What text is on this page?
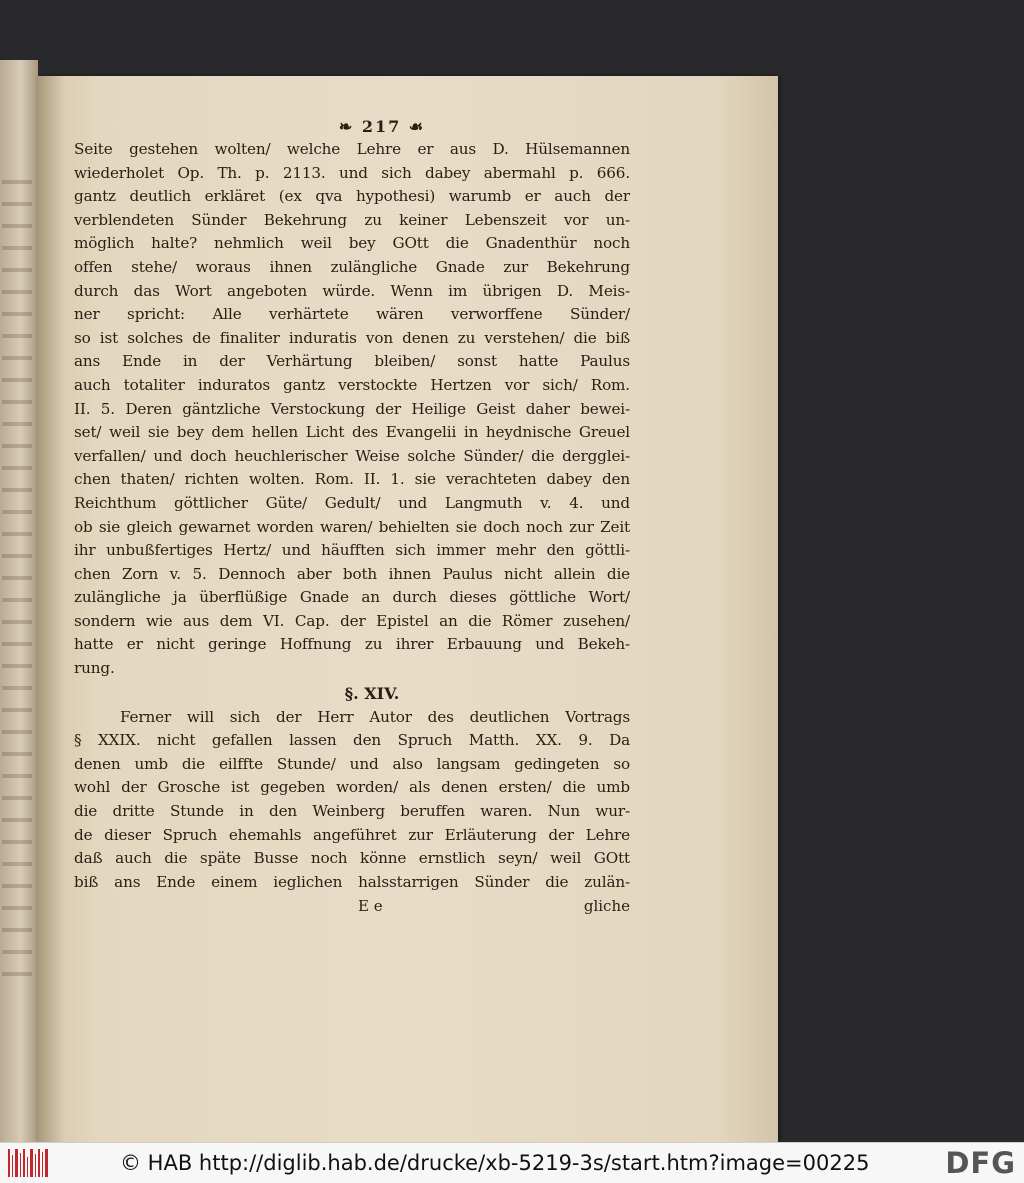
❧ 217 ☙
Seite gestehen wolten/ welche Lehre er aus D. Hülsemannen
wiederholet Op. Th. p. 2113. und sich dabey abermahl p. 666.
gantz deutlich erkläret (ex qva hypothesi) warumb er auch der
verblendeten Sünder Bekehrung zu keiner Lebenszeit vor un-
möglich halte? nehmlich weil bey GOtt die Gnadenthür noch
offen stehe/ woraus ihnen zulängliche Gnade zur Bekehrung
durch das Wort angeboten würde. Wenn im übrigen D. Meis-
ner spricht: Alle verhärtete wären verworffene Sünder/
so ist solches de finaliter induratis von denen zu verstehen/ die biß
ans Ende in der Verhärtung bleiben/ sonst hatte Paulus
auch totaliter induratos gantz verstockte Hertzen vor sich/ Rom.
II. 5. Deren gäntzliche Verstockung der Heilige Geist daher bewei-
set/ weil sie bey dem hellen Licht des Evangelii in heydnische Greuel
verfallen/ und doch heuchlerischer Weise solche Sünder/ die dergglei-
chen thaten/ richten wolten. Rom. II. 1. sie verachteten dabey den
Reichthum göttlicher Güte/ Gedult/ und Langmuth v. 4. und
ob sie gleich gewarnet worden waren/ behielten sie doch noch zur Zeit
ihr unbußfertiges Hertz/ und häufften sich immer mehr den göttli-
chen Zorn v. 5. Dennoch aber both ihnen Paulus nicht allein die
zulängliche ja überflüßige Gnade an durch dieses göttliche Wort/
sondern wie aus dem VI. Cap. der Epistel an die Römer zusehen/
hatte er nicht geringe Hoffnung zu ihrer Erbauung und Bekeh-
rung.
§. XIV.
Ferner will sich der Herr Autor des deutlichen Vortrags
§ XXIX. nicht gefallen lassen den Spruch Matth. XX. 9. Da
denen umb die eilffte Stunde/ und also langsam gedingeten so
wohl der Grosche ist gegeben worden/ als denen ersten/ die umb
die dritte Stunde in den Weinberg beruffen waren. Nun wur-
de dieser Spruch ehemahls angeführet zur Erläuterung der Lehre
daß auch die späte Busse noch könne ernstlich seyn/ weil GOtt
biß ans Ende einem ieglichen halsstarrigen Sünder die zulän-
E e	gliche
© HAB http://diglib.hab.de/drucke/xb-5219-3s/start.htm?image=00225	DFG
